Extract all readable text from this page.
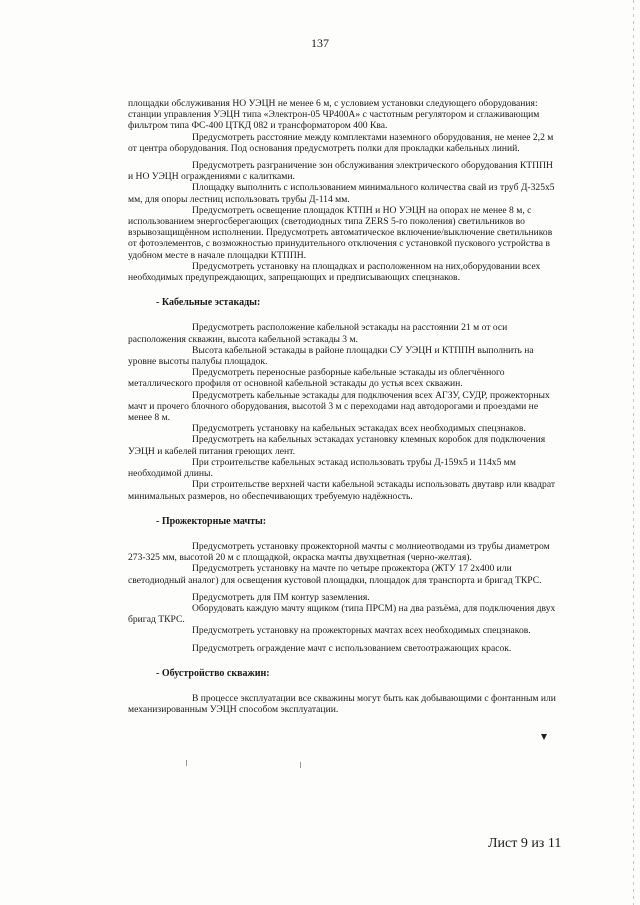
137

площадки обслуживания НО УЭЦН не менее 6 м, с условием установки следующего оборудования: станции управления УЭЦН типа «Электрон-05 ЧР400А» с частотным регулятором и сглаживающим фильтром типа ФС-400 ЦТКД 082 и трансформатором 400 Ква.

Предусмотреть расстояние между комплектами наземного оборудования, не менее 2,2 м от центра оборудования. Под основания предусмотреть полки для прокладки кабельных линий.

Предусмотреть разграничение зон обслуживания электрического оборудования КТППН и НО УЭЦН ограждениями с калитками.

Площадку выполнить с использованием минимального количества свай из труб Д-325х5 мм, для опоры лестниц использовать трубы Д-114 мм.

Предусмотреть освещение площадок КТПН и НО УЭЦН на опорах не менее 8 м, с использованием энергосберегающих (светодиодных типа ZERS 5-го поколения) светильников во взрывозащищённом исполнении. Предусмотреть автоматическое включение/выключение светильников от фотоэлементов, с возможностью принудительного отключения с установкой пускового устройства в удобном месте в начале площадки КТППН.

Предусмотреть установку на площадках и расположенном на них,оборудовании всех необходимых предупреждающих, запрещающих и предписывающих спецзнаков.

- Кабельные эстакады:

Предусмотреть расположение кабельной эстакады на расстоянии 21 м от оси расположения скважин, высота кабельной эстакады 3 м.

Высота кабельной эстакады в районе площадки СУ УЭЦН и КТППН выполнить на уровне высоты палубы площадок.

Предусмотреть переносные разборные кабельные эстакады из облегчённого металлического профиля от основной кабельной эстакады до устья всех скважин.

Предусмотреть кабельные эстакады для подключения всех АГЗУ, СУДР, прожекторных мачт и прочего блочного оборудования, высотой 3 м с переходами над автодорогами и проездами не менее 8 м.

Предусмотреть установку на кабельных эстакадах всех необходимых спецзнаков.

Предусмотреть на кабельных эстакадах установку клемных коробок для подключения УЭЦН и кабелей питания греющих лент.

При строительстве кабельных эстакад использовать трубы Д-159х5 и 114х5 мм необходимой длины.

При строительстве верхней части кабельной эстакады использовать двутавр или квадрат минимальных размеров, но обеспечивающих требуемую надёжность.

- Прожекторные мачты:

Предусмотреть установку прожекторной мачты с молниеотводами из трубы диаметром 273-325 мм, высотой 20 м с площадкой, окраска мачты двухцветная (черно-желтая).

Предусмотреть установку на мачте по четыре прожектора (ЖТУ 17 2х400 или светодиодный аналог) для освещения кустовой площадки, площадок для транспорта и бригад ТКРС.

Предусмотреть для ПМ контур заземления.

Оборудовать каждую мачту ящиком (типа ПРСМ) на два разъёма, для подключения двух бригад ТКРС.

Предусмотреть установку на прожекторных мачтах всех необходимых спецзнаков.

Предусмотреть ограждение мачт с использованием светоотражающих красок.

- Обустройство скважин:

В процессе эксплуатации все скважины могут быть как добывающими с фонтанным или механизированным УЭЦН способом эксплуатации.

Лист 9 из 11
